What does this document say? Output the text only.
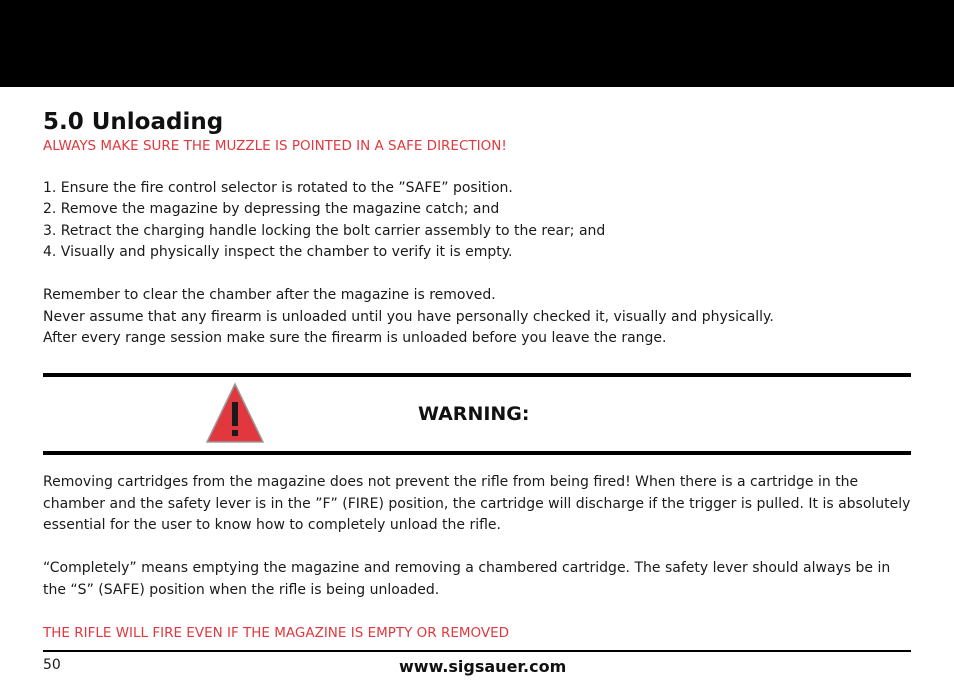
5.0 Unloading

ALWAYS MAKE SURE THE MUZZLE IS POINTED IN A SAFE DIRECTION!

1. Ensure the fire control selector is rotated to the ”SAFE” position.

2. Remove the magazine by depressing the magazine catch; and

3. Retract the charging handle locking the bolt carrier assembly to the rear; and

4. Visually and physically inspect the chamber to verify it is empty.

Remember to clear the chamber after the magazine is removed.

Never assume that any firearm is unloaded until you have personally checked it, visually and physically.

After every range session make sure the firearm is unloaded before you leave the range.

WARNING:

Removing cartridges from the magazine does not prevent the rifle from being fired! When there is a cartridge in the chamber and the safety lever is in the ”F” (FIRE) position, the cartridge will discharge if the trigger is pulled. It is absolutely essential for the user to know how to completely unload the rifle.

“Completely” means emptying the magazine and removing a chambered cartridge. The safety lever should always be in the “S” (SAFE) position when the rifle is being unloaded.

THE RIFLE WILL FIRE EVEN IF THE MAGAZINE IS EMPTY OR REMOVED

50	www.sigsauer.com
